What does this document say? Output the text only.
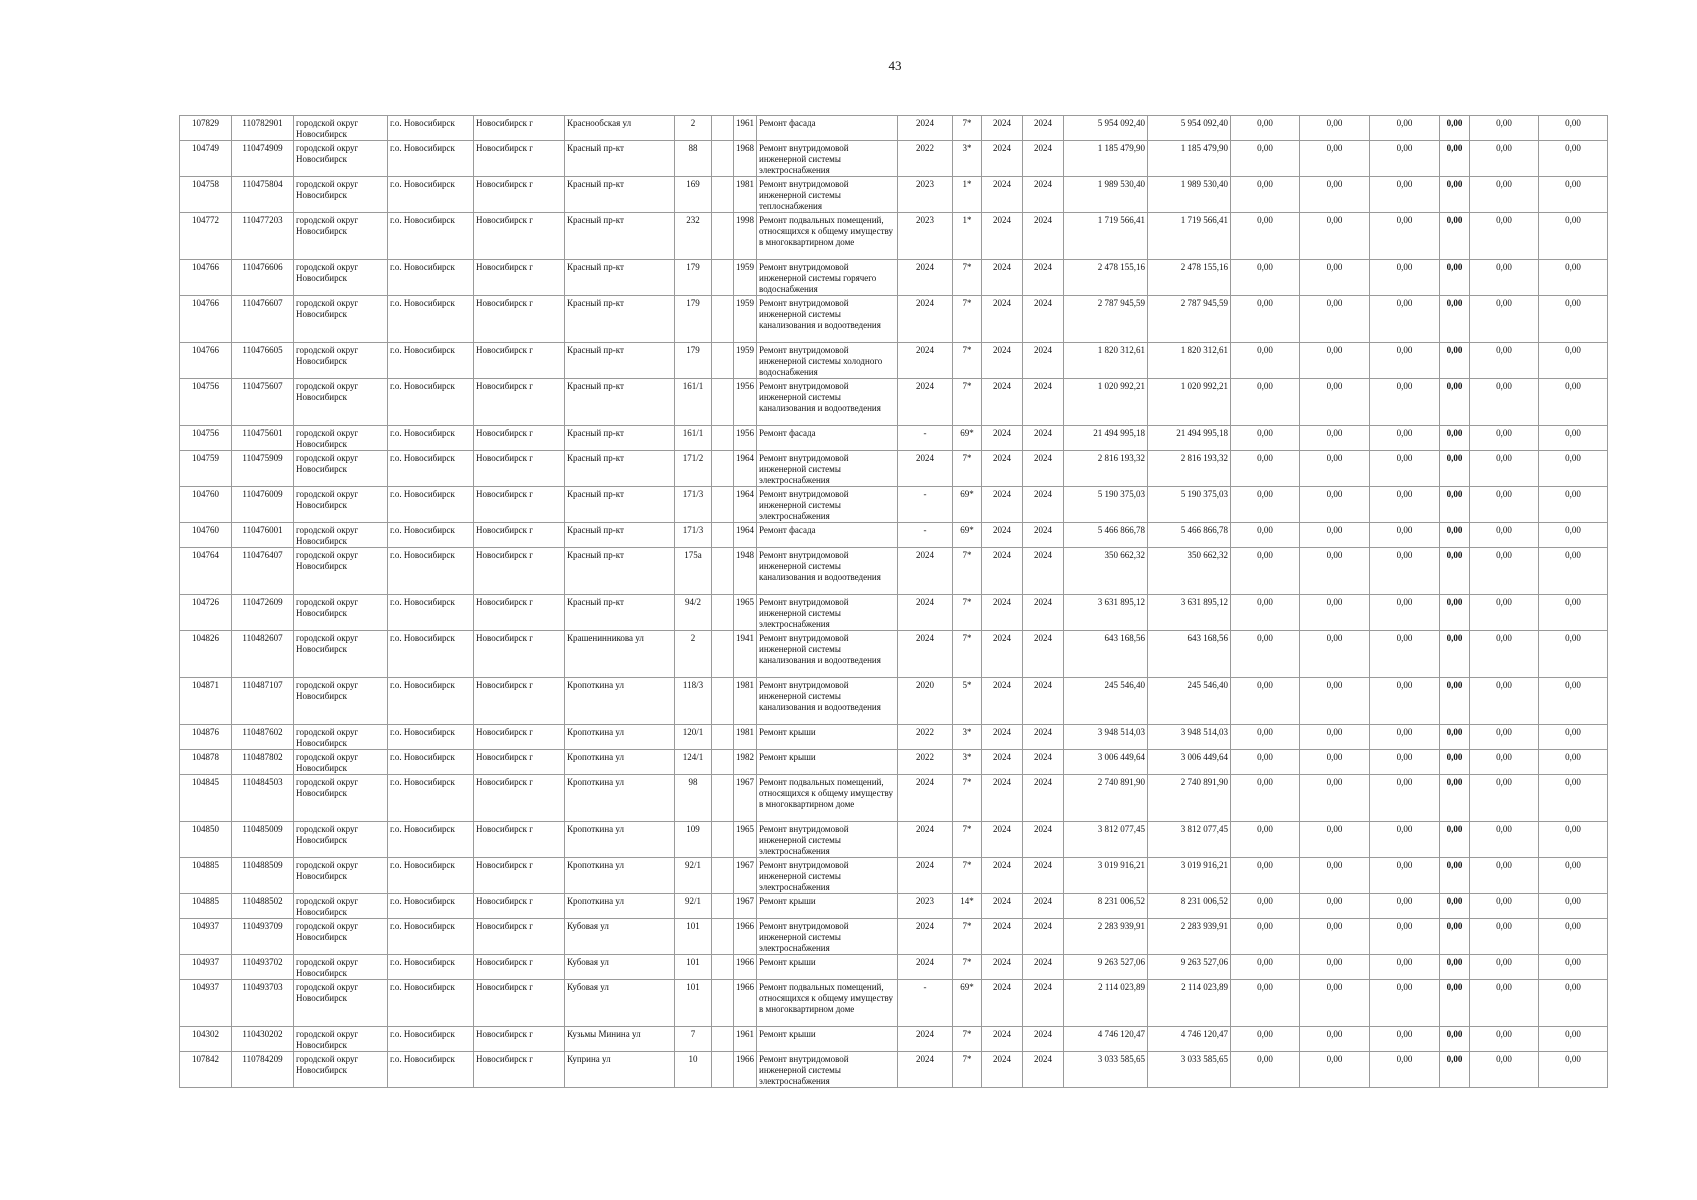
43
107829	110782901	городской округ Новосибирск	г.о. Новосибирск	Новосибирск г	Краснообская ул	2		1961	Ремонт фасада	2024	7*	2024	2024	5 954 092,40	5 954 092,40	0,00	0,00	0,00	0,00	0,00	0,00
104749	110474909	городской округ Новосибирск	г.о. Новосибирск	Новосибирск г	Красный пр-кт	88		1968	Ремонт внутридомовой инженерной системы электроснабжения	2022	3*	2024	2024	1 185 479,90	1 185 479,90	0,00	0,00	0,00	0,00	0,00	0,00
104758	110475804	городской округ Новосибирск	г.о. Новосибирск	Новосибирск г	Красный пр-кт	169		1981	Ремонт внутридомовой инженерной системы теплоснабжения	2023	1*	2024	2024	1 989 530,40	1 989 530,40	0,00	0,00	0,00	0,00	0,00	0,00
104772	110477203	городской округ Новосибирск	г.о. Новосибирск	Новосибирск г	Красный пр-кт	232		1998	Ремонт подвальных помещений, относящихся к общему имуществу в многоквартирном доме	2023	1*	2024	2024	1 719 566,41	1 719 566,41	0,00	0,00	0,00	0,00	0,00	0,00
104766	110476606	городской округ Новосибирск	г.о. Новосибирск	Новосибирск г	Красный пр-кт	179		1959	Ремонт внутридомовой инженерной системы горячего водоснабжения	2024	7*	2024	2024	2 478 155,16	2 478 155,16	0,00	0,00	0,00	0,00	0,00	0,00
104766	110476607	городской округ Новосибирск	г.о. Новосибирск	Новосибирск г	Красный пр-кт	179		1959	Ремонт внутридомовой инженерной системы канализования и водоотведения	2024	7*	2024	2024	2 787 945,59	2 787 945,59	0,00	0,00	0,00	0,00	0,00	0,00
104766	110476605	городской округ Новосибирск	г.о. Новосибирск	Новосибирск г	Красный пр-кт	179		1959	Ремонт внутридомовой инженерной системы холодного водоснабжения	2024	7*	2024	2024	1 820 312,61	1 820 312,61	0,00	0,00	0,00	0,00	0,00	0,00
104756	110475607	городской округ Новосибирск	г.о. Новосибирск	Новосибирск г	Красный пр-кт	161/1		1956	Ремонт внутридомовой инженерной системы канализования и водоотведения	2024	7*	2024	2024	1 020 992,21	1 020 992,21	0,00	0,00	0,00	0,00	0,00	0,00
104756	110475601	городской округ Новосибирск	г.о. Новосибирск	Новосибирск г	Красный пр-кт	161/1		1956	Ремонт фасада	-	69*	2024	2024	21 494 995,18	21 494 995,18	0,00	0,00	0,00	0,00	0,00	0,00
104759	110475909	городской округ Новосибирск	г.о. Новосибирск	Новосибирск г	Красный пр-кт	171/2		1964	Ремонт внутридомовой инженерной системы электроснабжения	2024	7*	2024	2024	2 816 193,32	2 816 193,32	0,00	0,00	0,00	0,00	0,00	0,00
104760	110476009	городской округ Новосибирск	г.о. Новосибирск	Новосибирск г	Красный пр-кт	171/3		1964	Ремонт внутридомовой инженерной системы электроснабжения	-	69*	2024	2024	5 190 375,03	5 190 375,03	0,00	0,00	0,00	0,00	0,00	0,00
104760	110476001	городской округ Новосибирск	г.о. Новосибирск	Новосибирск г	Красный пр-кт	171/3		1964	Ремонт фасада	-	69*	2024	2024	5 466 866,78	5 466 866,78	0,00	0,00	0,00	0,00	0,00	0,00
104764	110476407	городской округ Новосибирск	г.о. Новосибирск	Новосибирск г	Красный пр-кт	175а		1948	Ремонт внутридомовой инженерной системы канализования и водоотведения	2024	7*	2024	2024	350 662,32	350 662,32	0,00	0,00	0,00	0,00	0,00	0,00
104726	110472609	городской округ Новосибирск	г.о. Новосибирск	Новосибирск г	Красный пр-кт	94/2		1965	Ремонт внутридомовой инженерной системы электроснабжения	2024	7*	2024	2024	3 631 895,12	3 631 895,12	0,00	0,00	0,00	0,00	0,00	0,00
104826	110482607	городской округ Новосибирск	г.о. Новосибирск	Новосибирск г	Крашенинникова ул	2		1941	Ремонт внутридомовой инженерной системы канализования и водоотведения	2024	7*	2024	2024	643 168,56	643 168,56	0,00	0,00	0,00	0,00	0,00	0,00
104871	110487107	городской округ Новосибирск	г.о. Новосибирск	Новосибирск г	Кропоткина ул	118/3		1981	Ремонт внутридомовой инженерной системы канализования и водоотведения	2020	5*	2024	2024	245 546,40	245 546,40	0,00	0,00	0,00	0,00	0,00	0,00
104876	110487602	городской округ Новосибирск	г.о. Новосибирск	Новосибирск г	Кропоткина ул	120/1		1981	Ремонт крыши	2022	3*	2024	2024	3 948 514,03	3 948 514,03	0,00	0,00	0,00	0,00	0,00	0,00
104878	110487802	городской округ Новосибирск	г.о. Новосибирск	Новосибирск г	Кропоткина ул	124/1		1982	Ремонт крыши	2022	3*	2024	2024	3 006 449,64	3 006 449,64	0,00	0,00	0,00	0,00	0,00	0,00
104845	110484503	городской округ Новосибирск	г.о. Новосибирск	Новосибирск г	Кропоткина ул	98		1967	Ремонт подвальных помещений, относящихся к общему имуществу в многоквартирном доме	2024	7*	2024	2024	2 740 891,90	2 740 891,90	0,00	0,00	0,00	0,00	0,00	0,00
104850	110485009	городской округ Новосибирск	г.о. Новосибирск	Новосибирск г	Кропоткина ул	109		1965	Ремонт внутридомовой инженерной системы электроснабжения	2024	7*	2024	2024	3 812 077,45	3 812 077,45	0,00	0,00	0,00	0,00	0,00	0,00
104885	110488509	городской округ Новосибирск	г.о. Новосибирск	Новосибирск г	Кропоткина ул	92/1		1967	Ремонт внутридомовой инженерной системы электроснабжения	2024	7*	2024	2024	3 019 916,21	3 019 916,21	0,00	0,00	0,00	0,00	0,00	0,00
104885	110488502	городской округ Новосибирск	г.о. Новосибирск	Новосибирск г	Кропоткина ул	92/1		1967	Ремонт крыши	2023	14*	2024	2024	8 231 006,52	8 231 006,52	0,00	0,00	0,00	0,00	0,00	0,00
104937	110493709	городской округ Новосибирск	г.о. Новосибирск	Новосибирск г	Кубовая ул	101		1966	Ремонт внутридомовой инженерной системы электроснабжения	2024	7*	2024	2024	2 283 939,91	2 283 939,91	0,00	0,00	0,00	0,00	0,00	0,00
104937	110493702	городской округ Новосибирск	г.о. Новосибирск	Новосибирск г	Кубовая ул	101		1966	Ремонт крыши	2024	7*	2024	2024	9 263 527,06	9 263 527,06	0,00	0,00	0,00	0,00	0,00	0,00
104937	110493703	городской округ Новосибирск	г.о. Новосибирск	Новосибирск г	Кубовая ул	101		1966	Ремонт подвальных помещений, относящихся к общему имуществу в многоквартирном доме	-	69*	2024	2024	2 114 023,89	2 114 023,89	0,00	0,00	0,00	0,00	0,00	0,00
104302	110430202	городской округ Новосибирск	г.о. Новосибирск	Новосибирск г	Кузьмы Минина ул	7		1961	Ремонт крыши	2024	7*	2024	2024	4 746 120,47	4 746 120,47	0,00	0,00	0,00	0,00	0,00	0,00
107842	110784209	городской округ Новосибирск	г.о. Новосибирск	Новосибирск г	Куприна ул	10		1966	Ремонт внутридомовой инженерной системы электроснабжения	2024	7*	2024	2024	3 033 585,65	3 033 585,65	0,00	0,00	0,00	0,00	0,00	0,00
